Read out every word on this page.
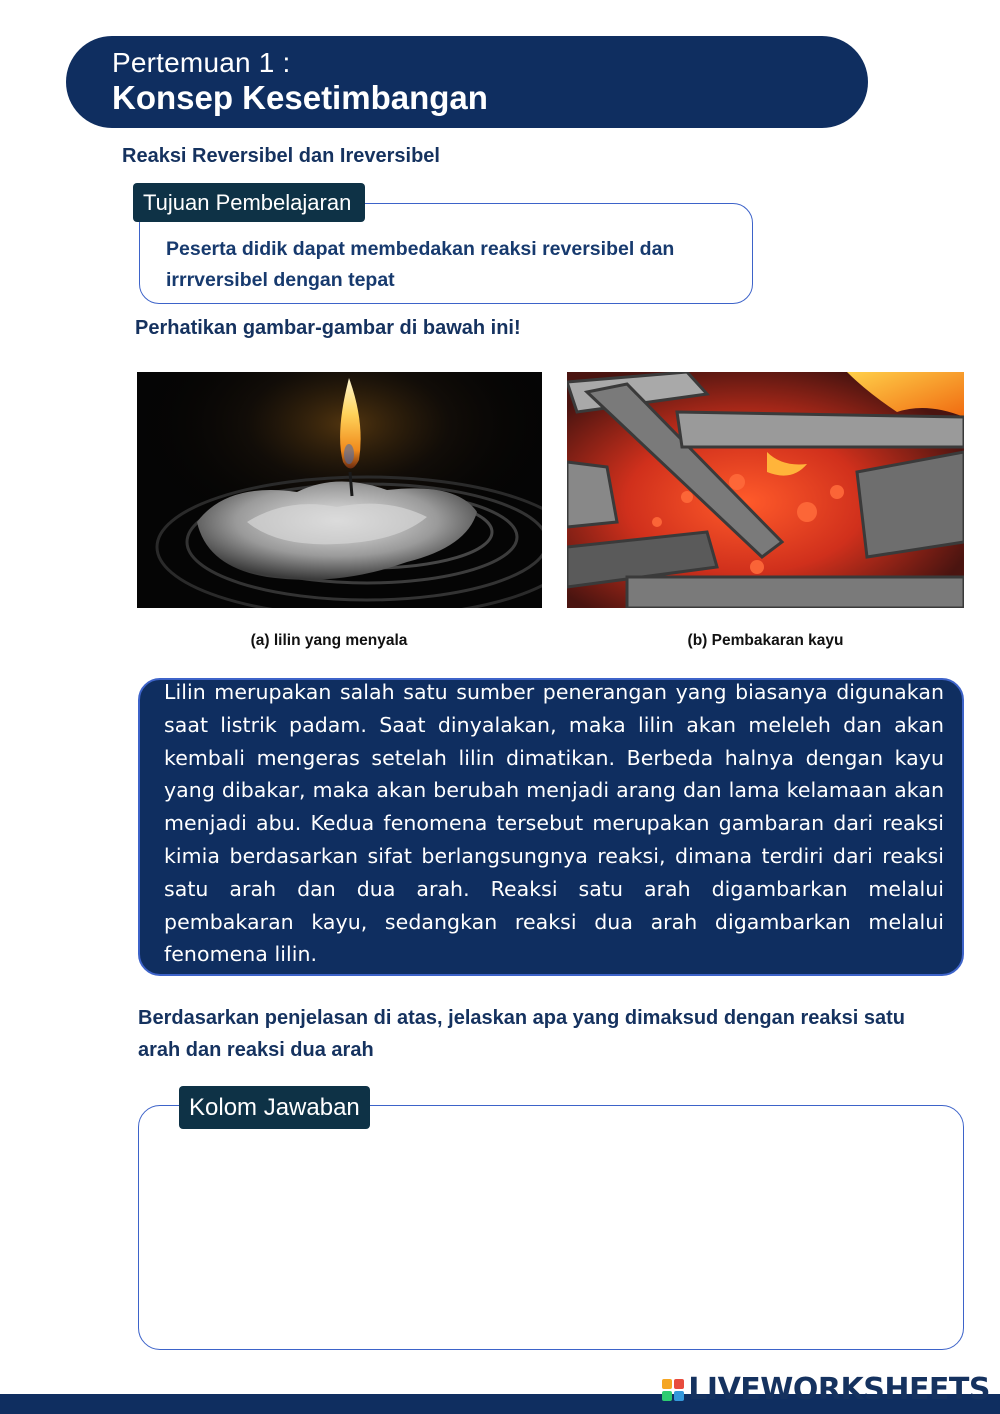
Pertemuan 1 :
Konsep Kesetimbangan
Reaksi Reversibel dan Ireversibel
Peserta didik dapat membedakan reaksi reversibel dan irrrversibel dengan tepat
Tujuan Pembelajaran
Perhatikan gambar-gambar di bawah ini!
(a) lilin yang menyala	(b) Pembakaran kayu

Lilin merupakan salah satu sumber penerangan yang biasanya digunakan saat listrik padam. Saat dinyalakan, maka lilin akan meleleh dan akan kembali mengeras setelah lilin dimatikan. Berbeda halnya dengan kayu yang dibakar, maka akan berubah menjadi arang dan lama kelamaan akan menjadi abu. Kedua fenomena tersebut merupakan gambaran dari reaksi kimia berdasarkan sifat berlangsungnya reaksi, dimana terdiri dari reaksi satu arah dan dua arah. Reaksi satu arah digambarkan melalui pembakaran kayu, sedangkan reaksi dua arah digambarkan melalui fenomena lilin.

Berdasarkan penjelasan di atas, jelaskan apa yang dimaksud dengan reaksi satu arah dan reaksi dua arah
Kolom Jawaban
LIVEWORKSHEETS
